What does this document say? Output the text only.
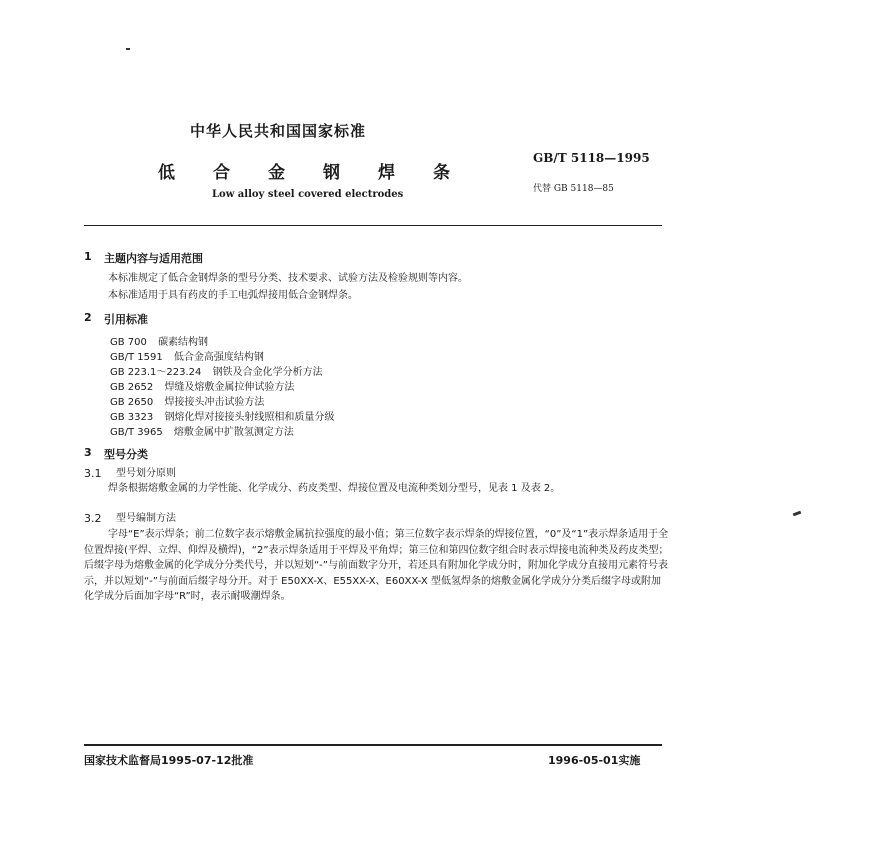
中华人民共和国国家标准
GB/T 5118—1995
低合金钢焊条
代替 GB 5118—85
Low alloy steel covered electrodes
1 主题内容与适用范围
本标准规定了低合金钢焊条的型号分类、技术要求、试验方法及检验规则等内容。
本标准适用于具有药皮的手工电弧焊接用低合金钢焊条。
2 引用标准
GB 700 碳素结构钢
GB/T 1591 低合金高强度结构钢
GB 223.1～223.24 钢铁及合金化学分析方法
GB 2652 焊缝及熔敷金属拉伸试验方法
GB 2650 焊接接头冲击试验方法
GB 3323 钢熔化焊对接接头射线照相和质量分级
GB/T 3965 熔敷金属中扩散氢测定方法
3 型号分类
3.1 型号划分原则
焊条根据熔敷金属的力学性能、化学成分、药皮类型、焊接位置及电流种类划分型号，见表 1 及表 2。
3.2 型号编制方法
字母“E”表示焊条；前二位数字表示熔敷金属抗拉强度的最小值；第三位数字表示焊条的焊接位置，“0”及“1”表示焊条适用于全位置焊接(平焊、立焊、仰焊及横焊)，“2”表示焊条适用于平焊及平角焊；第三位和第四位数字组合时表示焊接电流种类及药皮类型；后缀字母为熔敷金属的化学成分分类代号，并以短划“-”与前面数字分开，若还具有附加化学成分时，附加化学成分直接用元素符号表示，并以短划“-”与前面后缀字母分开。对于 E50XX-X、E55XX-X、E60XX-X 型低氢焊条的熔敷金属化学成分分类后缀字母或附加化学成分后面加字母“R”时，表示耐吸潮焊条。
国家技术监督局1995-07-12批准	1996-05-01实施
